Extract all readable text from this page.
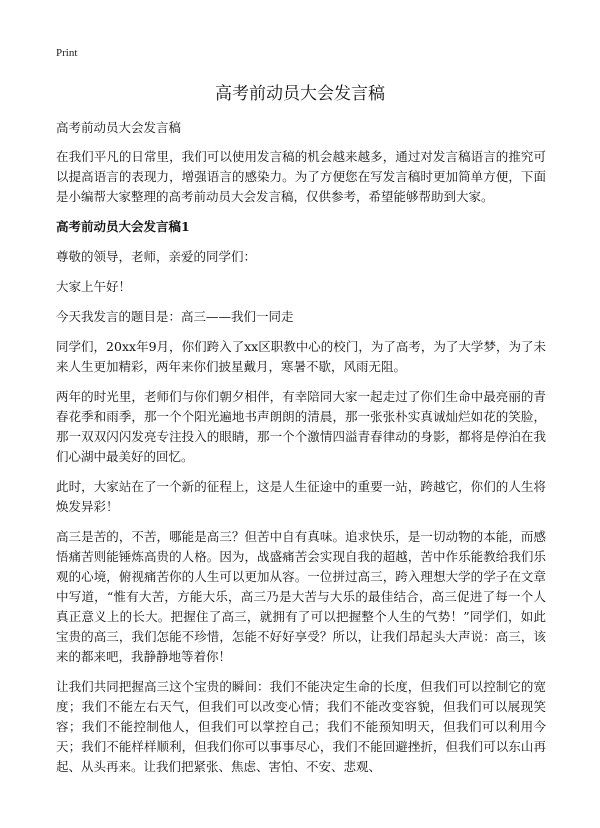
Print
高考前动员大会发言稿

高考前动员大会发言稿

在我们平凡的日常里，我们可以使用发言稿的机会越来越多，通过对发言稿语言的推究可以提高语言的表现力，增强语言的感染力。为了方便您在写发言稿时更加简单方便，下面是小编帮大家整理的高考前动员大会发言稿，仅供参考，希望能够帮助到大家。

高考前动员大会发言稿1

尊敬的领导，老师，亲爱的同学们：

大家上午好！

今天我发言的题目是：高三——我们一同走

同学们，20xx年9月，你们跨入了xx区职教中心的校门，为了高考，为了大学梦，为了未来人生更加精彩，两年来你们披星戴月，寒暑不歇，风雨无阻。

两年的时光里，老师们与你们朝夕相伴，有幸陪同大家一起走过了你们生命中最亮丽的青春花季和雨季，那一个个阳光遍地书声朗朗的清晨，那一张张朴实真诚灿烂如花的笑脸，那一双双闪闪发亮专注投入的眼睛，那一个个激情四溢青春律动的身影，都将是停泊在我们心湖中最美好的回忆。

此时，大家站在了一个新的征程上，这是人生征途中的重要一站，跨越它，你们的人生将焕发异彩！

高三是苦的，不苦，哪能是高三？但苦中自有真味。追求快乐，是一切动物的本能，而感悟痛苦则能锤炼高贵的人格。因为，战盛痛苦会实现自我的超越，苦中作乐能教给我们乐观的心境，俯视痛苦你的人生可以更加从容。一位拼过高三，跨入理想大学的学子在文章中写道，“惟有大苦，方能大乐，高三乃是大苦与大乐的最佳结合，高三促进了每一个人真正意义上的长大。把握住了高三，就拥有了可以把握整个人生的气势！”同学们，如此宝贵的高三，我们怎能不珍惜，怎能不好好享受？所以，让我们昂起头大声说：高三，该来的都来吧，我静静地等着你！

让我们共同把握高三这个宝贵的瞬间：我们不能决定生命的长度，但我们可以控制它的宽度；我们不能左右天气，但我们可以改变心情；我们不能改变容貌，但我们可以展现笑容；我们不能控制他人，但我们可以掌控自己；我们不能预知明天，但我们可以利用今天；我们不能样样顺利，但我们你可以事事尽心，我们不能回避挫折，但我们可以东山再起、从头再来。让我们把紧张、焦虑、害怕、不安、悲观、
